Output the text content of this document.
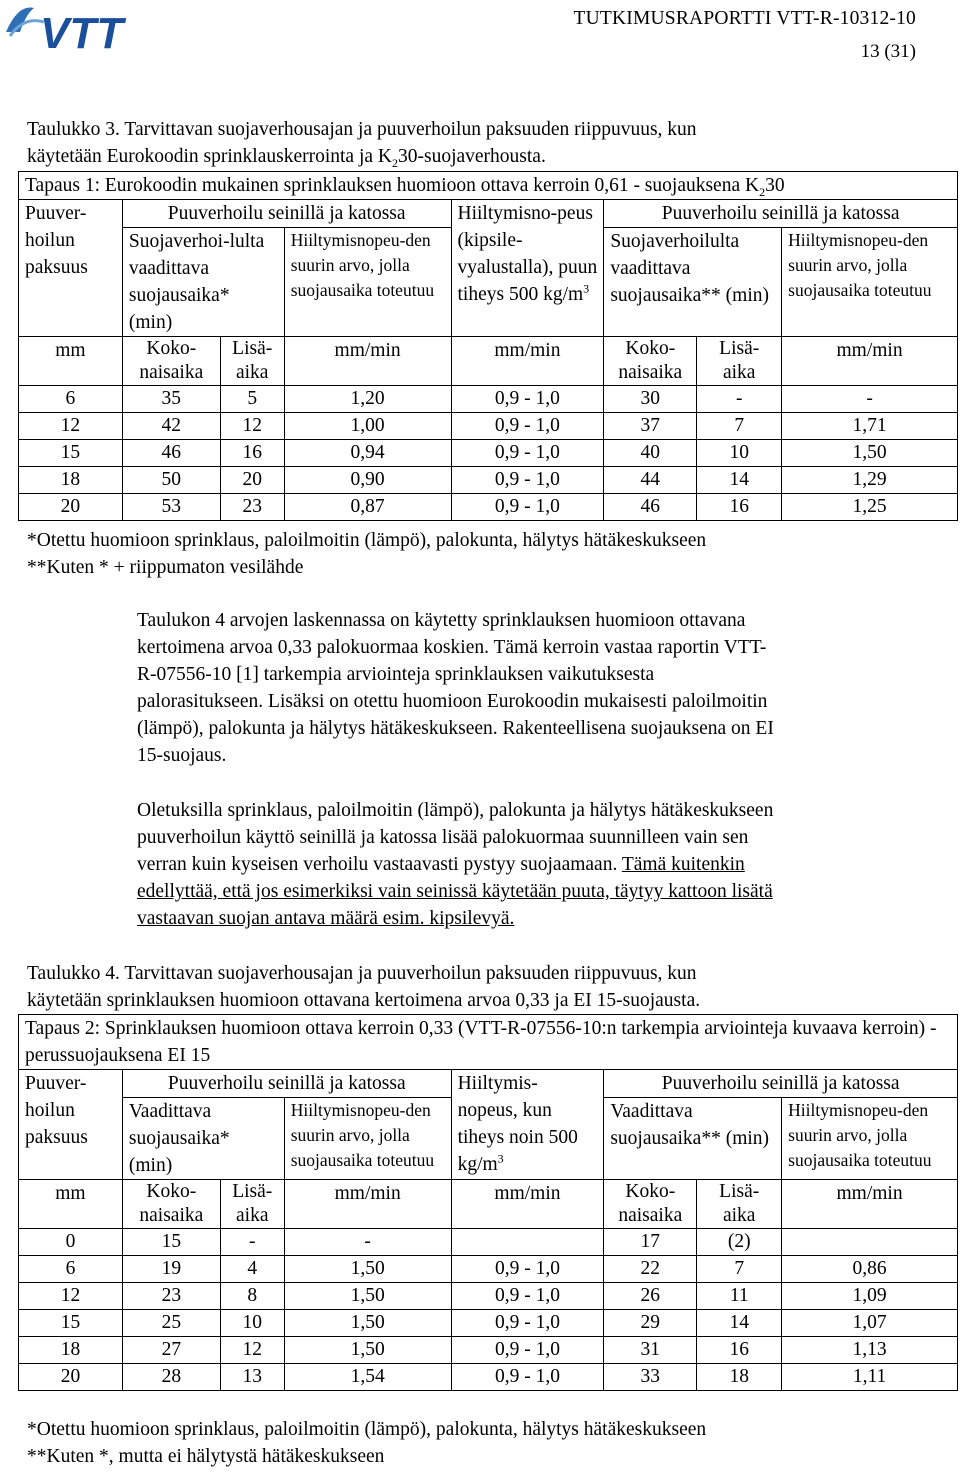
VTT	TUTKIMUSRAPORTTI VTT-R-10312-10
13 (31)
Taulukko 3. Tarvittavan suojaverhousajan ja puuverhoilun paksuuden riippuvuus, kun
käytetään Eurokoodin sprinklauskerrointa ja $K_230$-suojaverhousta.
Tapaus 1: Eurokoodin mukainen sprinklauksen huomioon ottava kerroin 0,61 - suojauksena $K_230$							
Puuver-hoilun paksuus	Puuverhoilu seinillä ja katossa			Hiiltymisno-peus (kipsile-vyalustalla), puun tiheys 500 $kg/m^3$	Puuverhoilu seinillä ja katossa		
	Suojaverhoi-lulta vaadittava suojausaika* (min)		Hiiltymisnopeu-den suurin arvo, jolla suojausaika toteutuu		Suojaverhoilulta vaadittava suojausaika** (min)		Hiiltymisnopeu-den suurin arvo, jolla suojausaika toteutuu
mm	Koko-naisaika	Lisä-aika	mm/min	mm/min	Koko-naisaika	Lisä-aika	mm/min
6	35	5	1,20	0,9 - 1,0	30	-	-
12	42	12	1,00	0,9 - 1,0	37	7	1,71
15	46	16	0,94	0,9 - 1,0	40	10	1,50
18	50	20	0,90	0,9 - 1,0	44	14	1,29
20	53	23	0,87	0,9 - 1,0	46	16	1,25
*Otettu huomioon sprinklaus, paloilmoitin (lämpö), palokunta, hälytys hätäkeskukseen
**Kuten * + riippumaton vesilähde
Taulukon 4 arvojen laskennassa on käytetty sprinklauksen huomioon ottavana
kertoimena arvoa 0,33 palokuormaa koskien. Tämä kerroin vastaa raportin VTT-
R-07556-10 [1] tarkempia arviointeja sprinklauksen vaikutuksesta
palorasitukseen. Lisäksi on otettu huomioon Eurokoodin mukaisesti paloilmoitin
(lämpö), palokunta ja hälytys hätäkeskukseen. Rakenteellisena suojauksena on EI
15-suojaus.
Oletuksilla sprinklaus, paloilmoitin (lämpö), palokunta ja hälytys hätäkeskukseen
puuverhoilun käyttö seinillä ja katossa lisää palokuormaa suunnilleen vain sen
verran kuin kyseisen verhoilu vastaavasti pystyy suojaamaan. Tämä kuitenkin
edellyttää, että jos esimerkiksi vain seinissä käytetään puuta, täytyy kattoon lisätä
vastaavan suojan antava määrä esim. kipsilevyä.
Taulukko 4. Tarvittavan suojaverhousajan ja puuverhoilun paksuuden riippuvuus, kun
käytetään sprinklauksen huomioon ottavana kertoimena arvoa 0,33 ja EI 15-suojausta.
Tapaus 2: Sprinklauksen huomioon ottava kerroin 0,33 (VTT-R-07556-10:n tarkempia arviointeja kuvaava kerroin) - perussuojauksena EI 15							
Puuver-hoilun paksuus	Puuverhoilu seinillä ja katossa			Hiiltymis-nopeus, kun tiheys noin 500 $kg/m^3$	Puuverhoilu seinillä ja katossa		
	Vaadittava suojausaika* (min)		Hiiltymisnopeu-den suurin arvo, jolla suojausaika toteutuu		Vaadittava suojausaika** (min)		Hiiltymisnopeu-den suurin arvo, jolla suojausaika toteutuu
mm	Koko-naisaika	Lisä-aika	mm/min	mm/min	Koko-naisaika	Lisä-aika	mm/min
0	15	-	-		17	(2)	
6	19	4	1,50	0,9 - 1,0	22	7	0,86
12	23	8	1,50	0,9 - 1,0	26	11	1,09
15	25	10	1,50	0,9 - 1,0	29	14	1,07
18	27	12	1,50	0,9 - 1,0	31	16	1,13
20	28	13	1,54	0,9 - 1,0	33	18	1,11
*Otettu huomioon sprinklaus, paloilmoitin (lämpö), palokunta, hälytys hätäkeskukseen
**Kuten *, mutta ei hälytystä hätäkeskukseen
